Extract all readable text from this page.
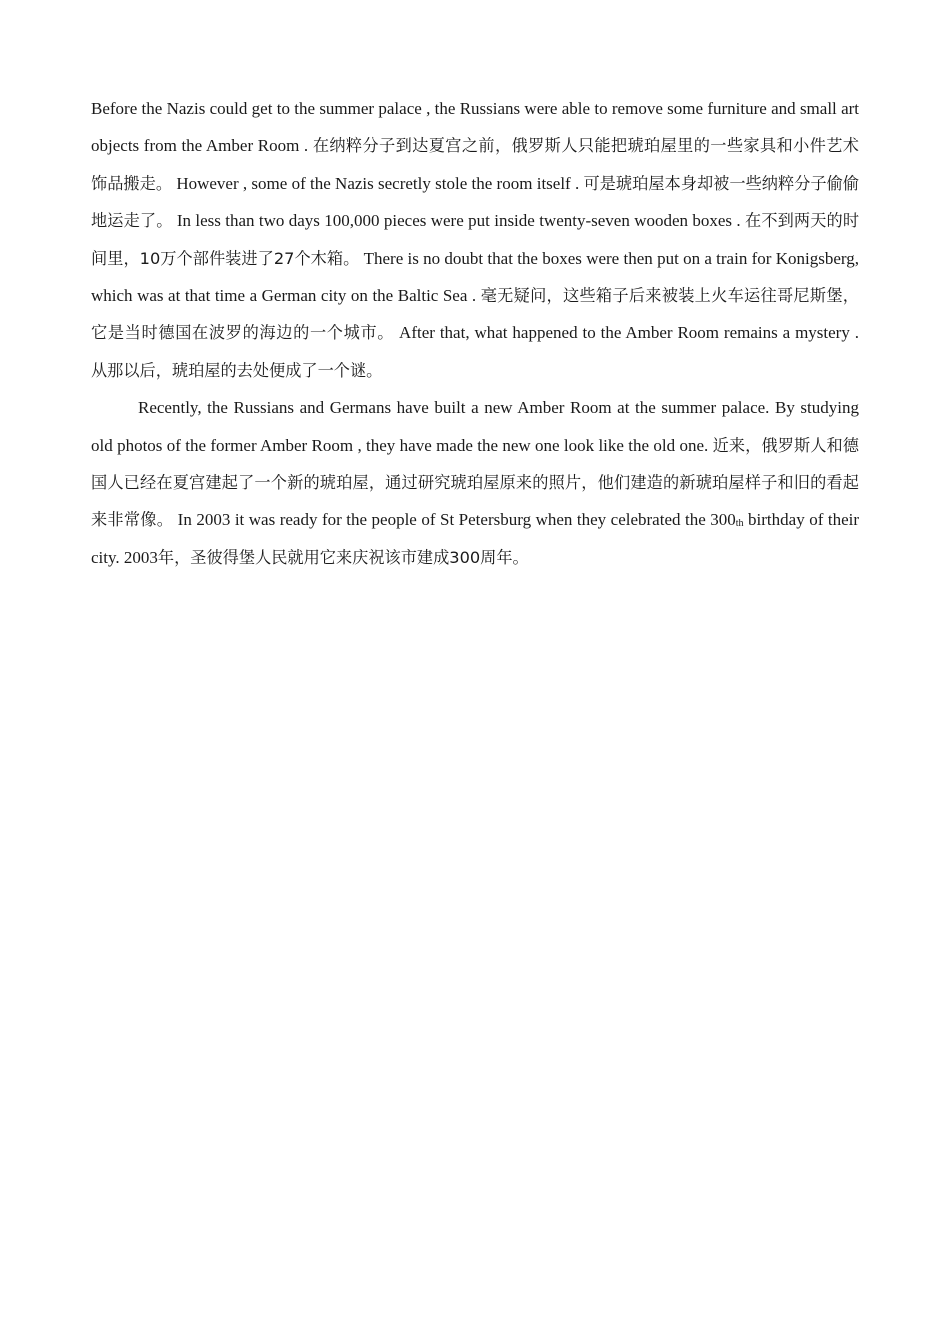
Before the Nazis could get to the summer palace , the Russians were able to remove some furniture and small art objects from the Amber Room . 在纳粹分子到达夏宫之前，俄罗斯人只能把琥珀屋里的一些家具和小件艺术饰品搬走。 However , some of the Nazis secretly stole the room itself . 可是琥珀屋本身却被一些纳粹分子偷偷地运走了。 In less than two days 100,000 pieces were put inside twenty-seven wooden boxes . 在不到两天的时间里，10万个部件装进了27个木箱。 There is no doubt that the boxes were then put on a train for Konigsberg, which was at that time a German city on the Baltic Sea . 毫无疑问，这些箱子后来被装上火车运往哥尼斯堡，它是当时德国在波罗的海边的一个城市。 After that, what happened to the Amber Room remains a mystery . 从那以后，琥珀屋的去处便成了一个谜。

Recently, the Russians and Germans have built a new Amber Room at the summer palace. By studying old photos of the former Amber Room , they have made the new one look like the old one. 近来，俄罗斯人和德国人已经在夏宫建起了一个新的琥珀屋，通过研究琥珀屋原来的照片，他们建造的新琥珀屋样子和旧的看起来非常像。 In 2003 it was ready for the people of St Petersburg when they celebrated the 300th birthday of their city. 2003年，圣彼得堡人民就用它来庆祝该市建成300周年。
